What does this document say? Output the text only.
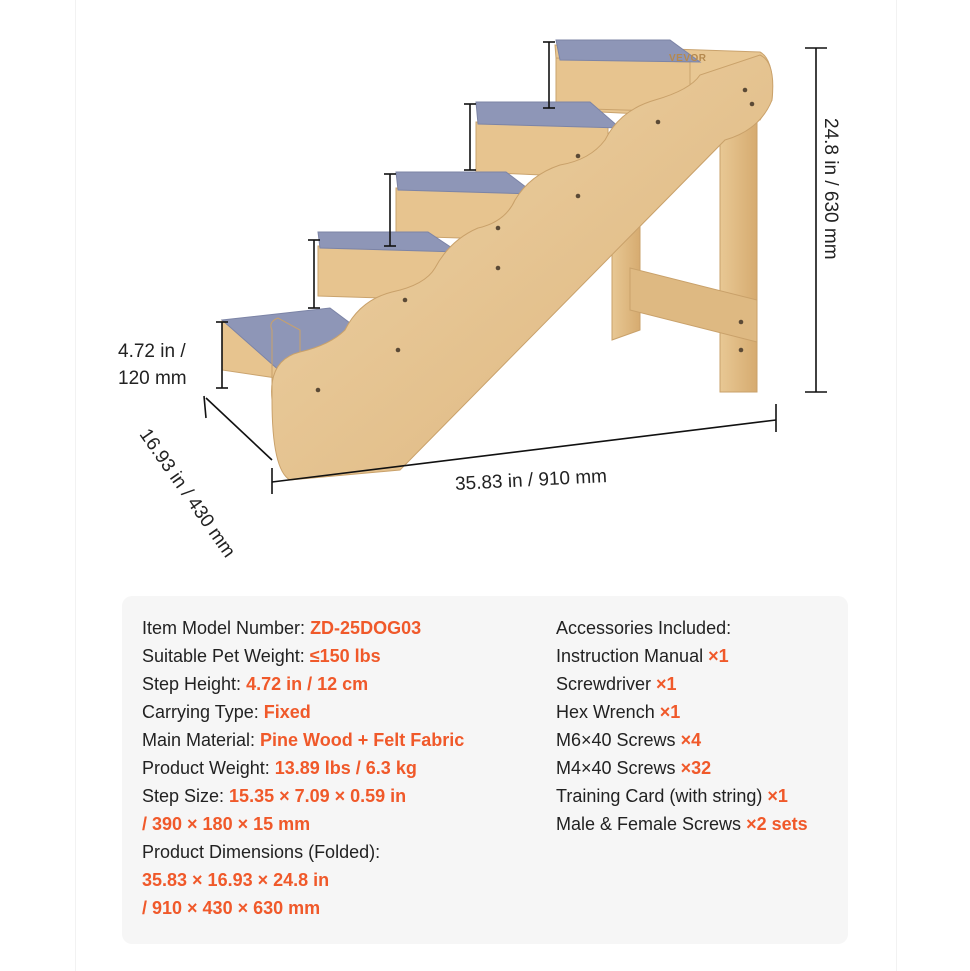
VEVOR
4.72 in /
120 mm
24.8 in / 630 mm
35.83 in / 910 mm
16.93 in / 430 mm
Item Model Number: ZD-25DOG03
Suitable Pet Weight: ≤150 lbs
Step Height: 4.72 in / 12 cm
Carrying Type: Fixed
Main Material: Pine Wood + Felt Fabric
Product Weight: 13.89 lbs / 6.3 kg
Step Size: 15.35 × 7.09 × 0.59 in
/ 390 × 180 × 15 mm
Product Dimensions (Folded):
35.83 × 16.93 × 24.8 in
/ 910 × 430 × 630 mm
Accessories Included:
Instruction Manual ×1
Screwdriver ×1
Hex Wrench ×1
M6×40 Screws ×4
M4×40 Screws ×32
Training Card (with string) ×1
Male & Female Screws ×2 sets
